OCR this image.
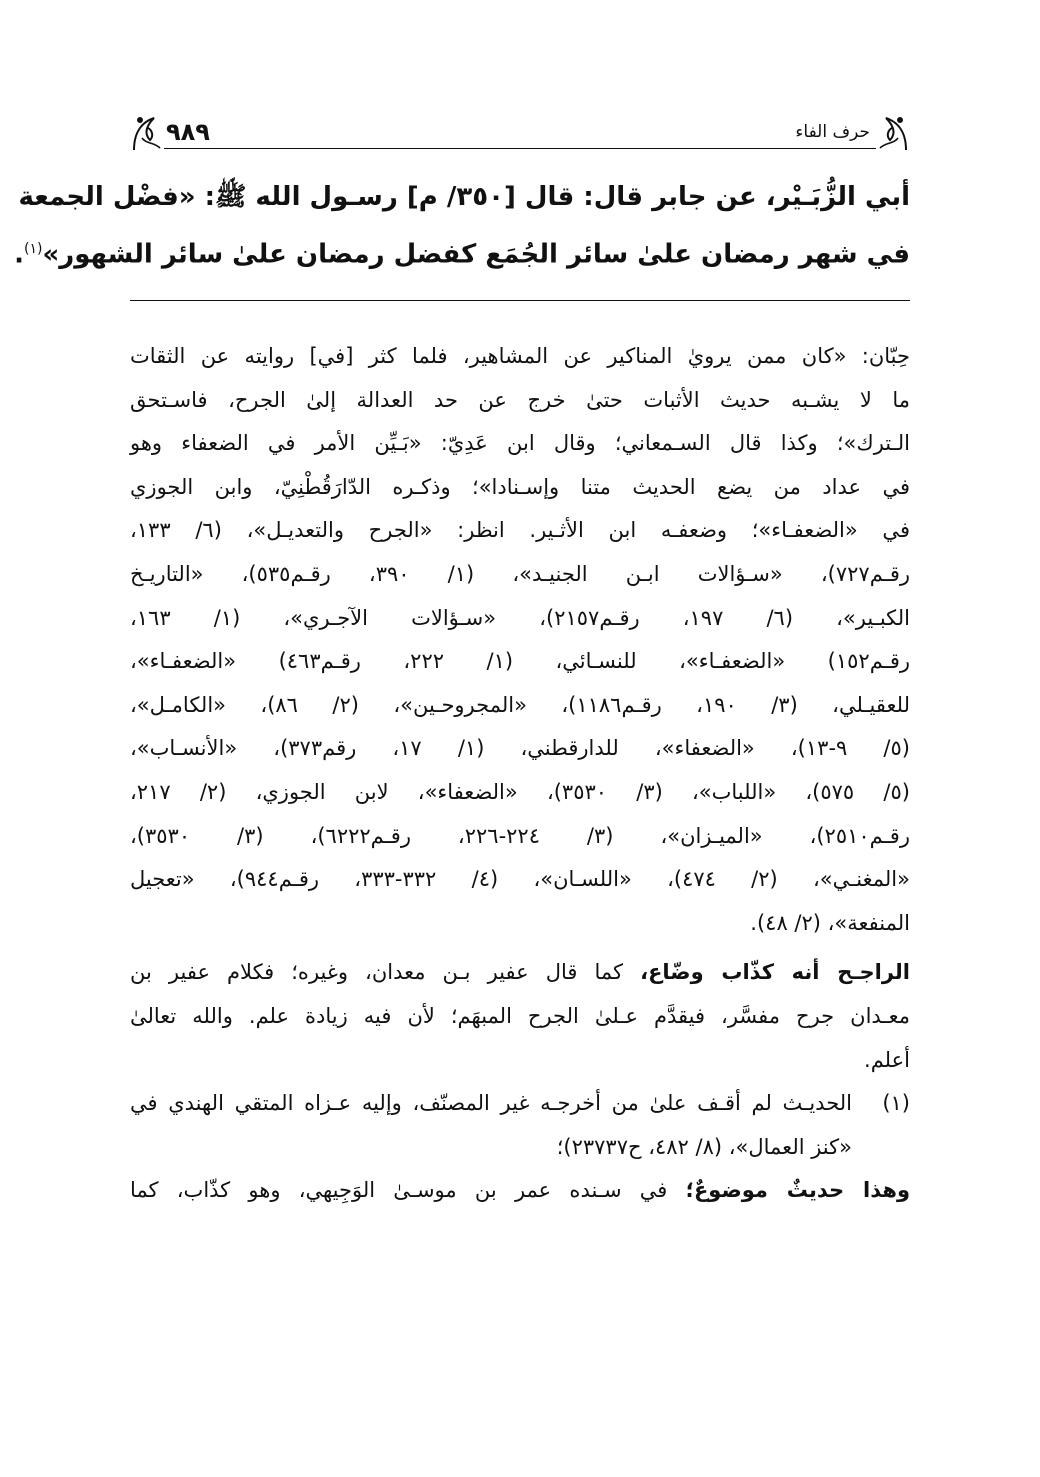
حرف الفاء
٩٨٩
أبي الزُّبَـيْر، عن جابر قال: قال [٣٥٠/ م] رسـول الله ﷺ: «فضْل الجمعة
في شهر رمضان علىٰ سائر الجُمَع كفضل رمضان علىٰ سائر الشهور»$^{(١)}$.
حِبّان: «كان ممن يرويٰ المناكير عن المشاهير، فلما كثر [في] روايته عن الثقات
ما لا يشـبه حديث الأثبات حتىٰ خرج عن حد العدالة إلىٰ الجرح، فاسـتحق
الـترك»؛ وكذا قال السـمعاني؛ وقال ابن عَدِيّ: «بَـيِّن الأمر في الضعفاء وهو
في عداد من يضع الحديث متنا وإسـنادا»؛ وذكـره الدّارَقُطْنِيّ، وابن الجوزي
في «الضعفـاء»؛ وضعفـه ابن الأثـير. انظر: «الجرح والتعديـل»، (٦/ ١٣٣،
رقـم٧٢٧)، «سـؤالات ابـن الجنيـد»، (١/ ٣٩٠، رقـم٥٣٥)، «التاريـخ
الكبـير»، (٦/ ١٩٧، رقـم٢١٥٧)، «سـؤالات الآجـري»، (١/ ١٦٣،
رقـم١٥٢) «الضعفـاء»، للنسـائي، (١/ ٢٢٢، رقـم٤٦٣) «الضعفـاء»،
للعقيـلي، (٣/ ١٩٠، رقـم١١٨٦)، «المجروحـين»، (٢/ ٨٦)، «الكامـل»،
(٥/ ٩-١٣)، «الضعفاء»، للدارقطني، (١/ ١٧، رقم٣٧٣)، «الأنسـاب»،
(٥/ ٥٧٥)، «اللباب»، (٣/ ٣٥٣٠)، «الضعفاء»، لابن الجوزي، (٢/ ٢١٧،
رقـم٢٥١٠)، «الميـزان»، (٣/ ٢٢٤-٢٢٦، رقـم٦٢٢٢)، (٣/ ٣٥٣٠)،
«المغنـي»، (٢/ ٤٧٤)، «اللسـان»، (٤/ ٣٣٢-٣٣٣، رقـم٩٤٤)، «تعجيل
المنفعة»، (٢/ ٤٨).
الراجـح أنه كذّاب وضّاع، كما قال عفير بـن معدان، وغيره؛ فكلام عفير بن
معـدان جرح مفسَّر، فيقدَّم عـلىٰ الجرح المبهَم؛ لأن فيه زيادة علم. والله تعالىٰ
أعلم.
(١)
الحديـث لم أقـف علىٰ من أخرجـه غير المصنّف، وإليه عـزاه المتقي الهندي في
«كنز العمال»، (٨/ ٤٨٢، ح٢٣٧٣٧)؛
وهذا حديثٌ موضوعٌ؛ في سـنده عمر بن موسـىٰ الوَجِيهي، وهو كذّاب، كما
